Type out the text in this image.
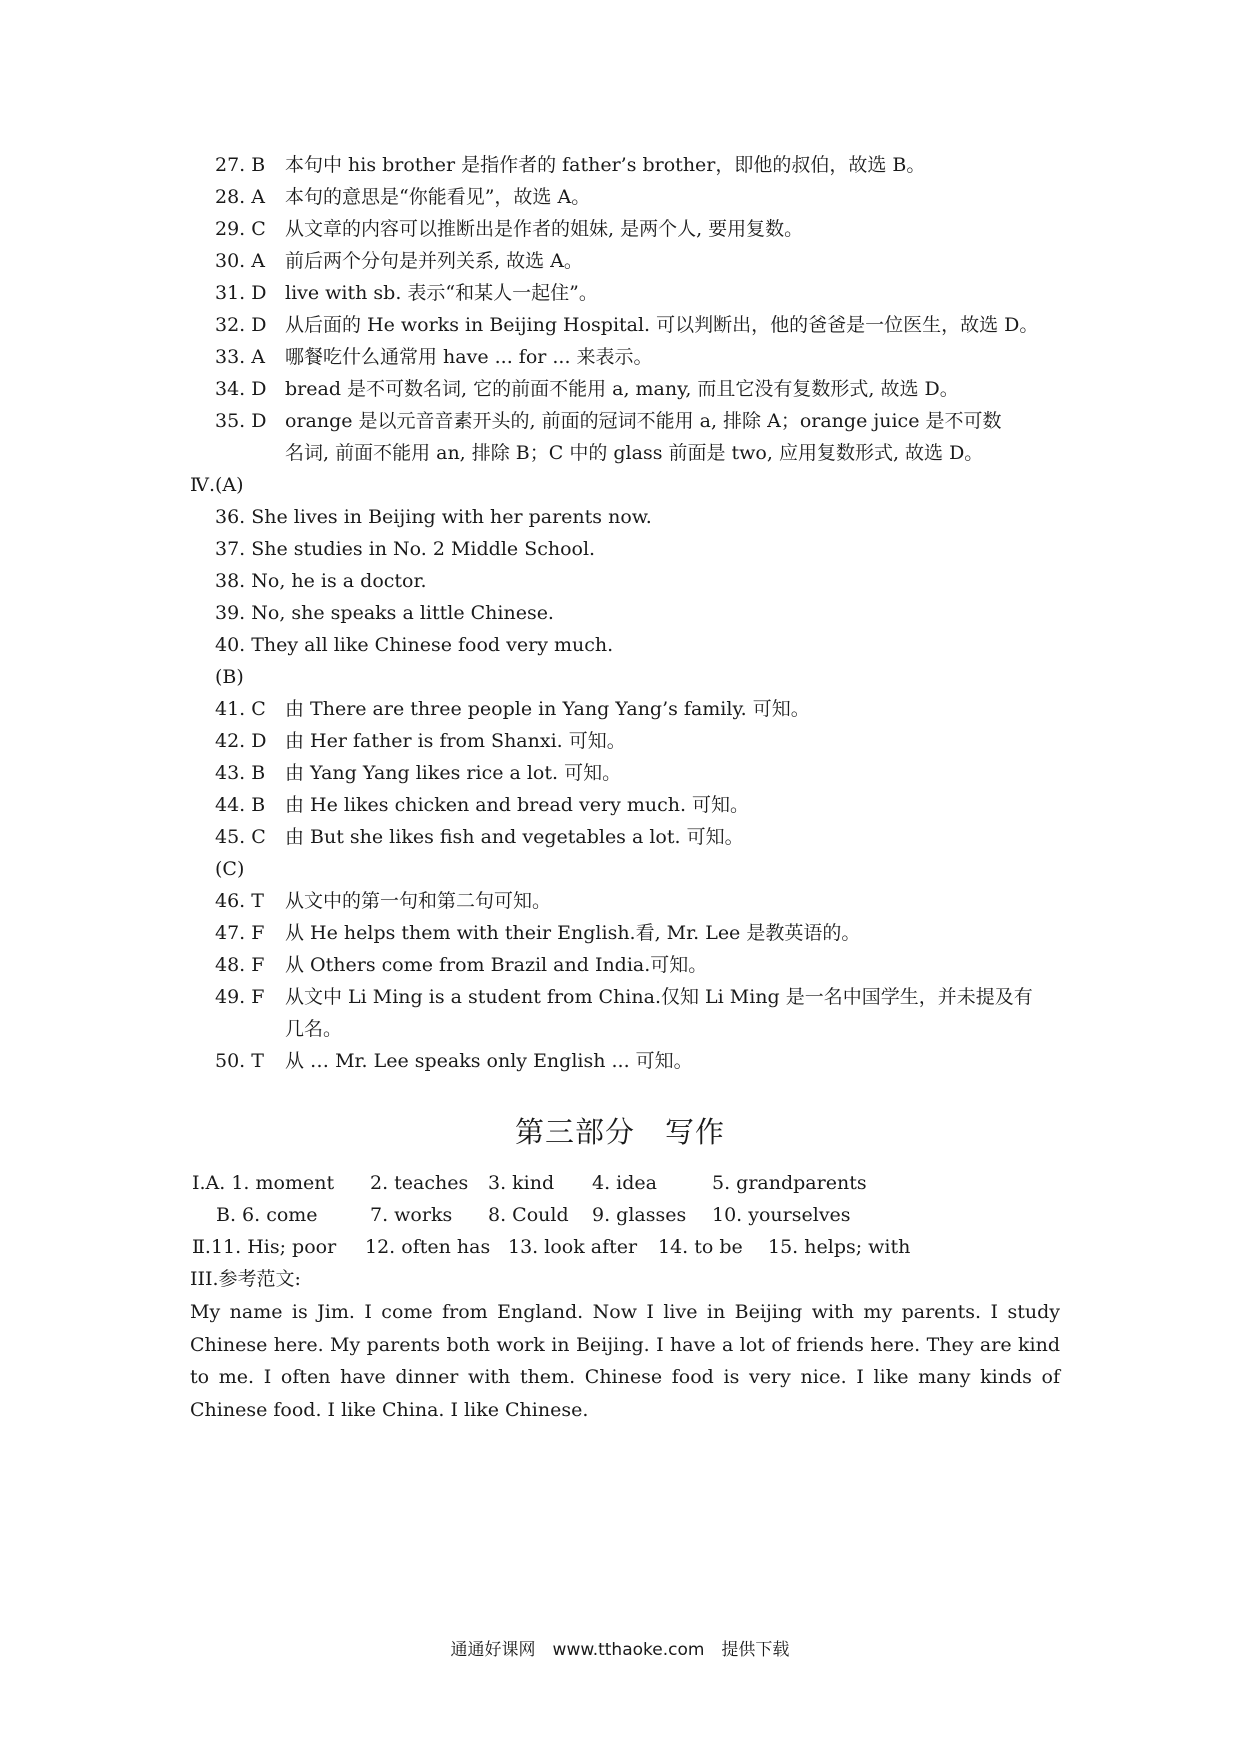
27. B 本句中 his brother 是指作者的 father’s brother，即他的叔伯，故选 B。
28. A 本句的意思是“你能看见”，故选 A。
29. C 从文章的内容可以推断出是作者的姐妹, 是两个人, 要用复数。
30. A 前后两个分句是并列关系, 故选 A。
31. D live with sb. 表示“和某人一起住”。
32. D 从后面的 He works in Beijing Hospital. 可以判断出，他的爸爸是一位医生，故选 D。
33. A 哪餐吃什么通常用 have ... for ... 来表示。
34. D bread 是不可数名词, 它的前面不能用 a, many, 而且它没有复数形式, 故选 D。
35. D orange 是以元音音素开头的, 前面的冠词不能用 a, 排除 A；orange juice 是不可数
名词, 前面不能用 an, 排除 B；C 中的 glass 前面是 two, 应用复数形式, 故选 D。
Ⅳ.(A)
36. She lives in Beijing with her parents now.
37. She studies in No. 2 Middle School.
38. No, he is a doctor.
39. No, she speaks a little Chinese.
40. They all like Chinese food very much.
(B)
41. C 由 There are three people in Yang Yang’s family. 可知。
42. D 由 Her father is from Shanxi. 可知。
43. B 由 Yang Yang likes rice a lot. 可知。
44. B 由 He likes chicken and bread very much. 可知。
45. C 由 But she likes fish and vegetables a lot. 可知。
(C)
46. T 从文中的第一句和第二句可知。
47. F 从 He helps them with their English.看, Mr. Lee 是教英语的。
48. F 从 Others come from Brazil and India.可知。
49. F 从文中 Li Ming is a student from China.仅知 Li Ming 是一名中国学生，并未提及有
几名。
50. T 从 … Mr. Lee speaks only English ... 可知。
第三部分　写作
Ⅰ.A. 1. moment 2. teaches 3. kind 4. idea	5. grandparents
B. 6. come	7. works 8. Could 9. glasses 10. yourselves
Ⅱ.11. His; poor 12. often has 13. look after 14. to be 15. helps; with
III.参考范文:
My name is Jim. I come from England. Now I live in Beijing with my parents. I study Chinese here. My parents both work in Beijing. I have a lot of friends here. They are kind to me. I often have dinner with them. Chinese food is very nice. I like many kinds of Chinese food. I like China. I like Chinese.
通通好课网　www.tthaoke.com　提供下载
